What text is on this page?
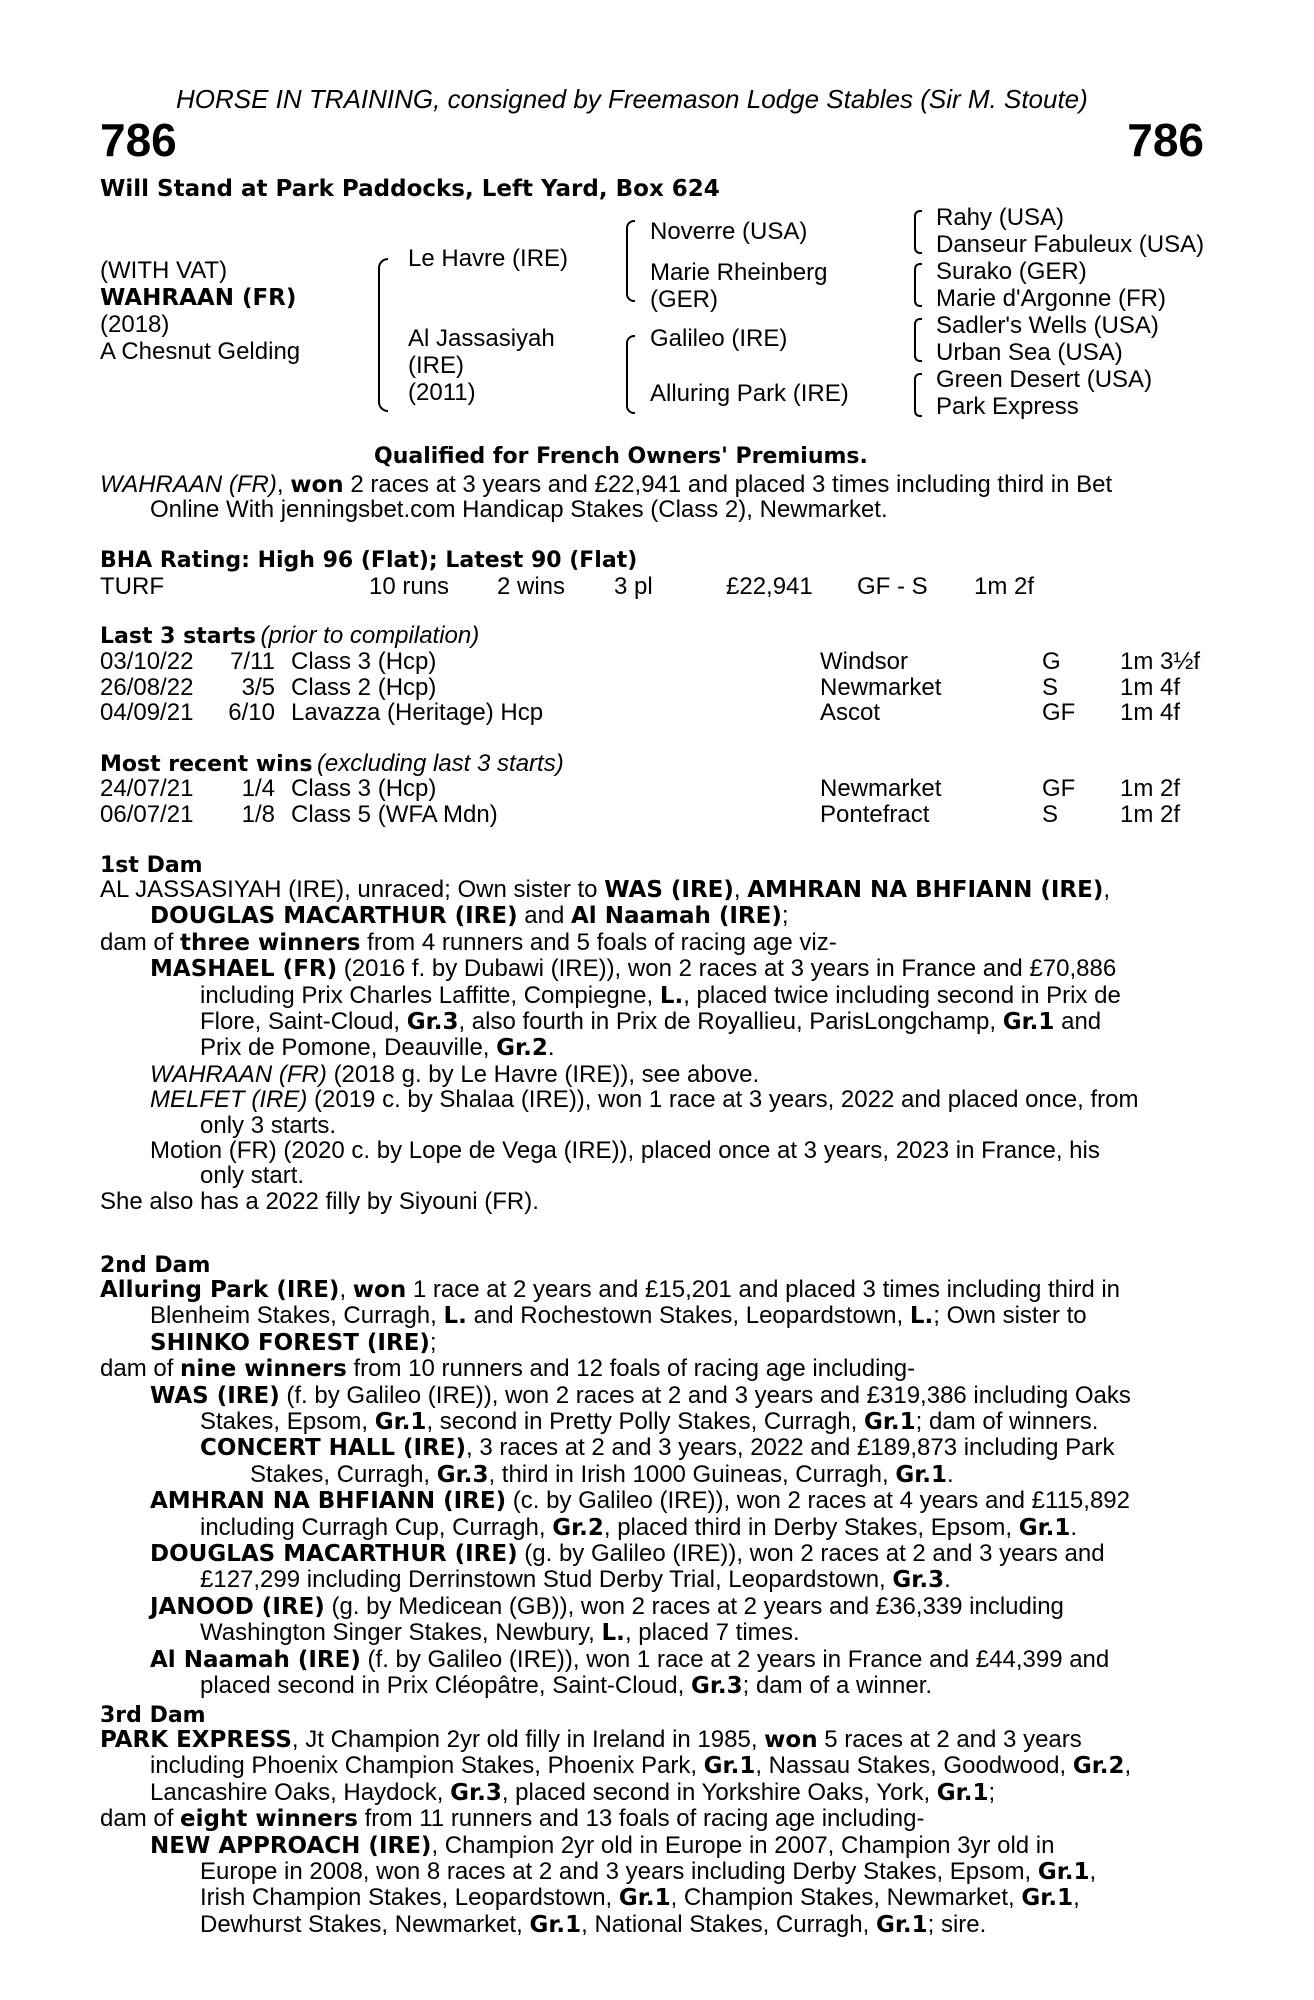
HORSE IN TRAINING, consigned by Freemason Lodge Stables (Sir M. Stoute)
786	786
Will Stand at Park Paddocks, Left Yard, Box 624
(WITH VAT)
WAHRAAN (FR)
(2018)
A Chesnut Gelding
Le Havre (IRE)
Al Jassasiyah
(IRE)
(2011)
Noverre (USA)
Marie Rheinberg
(GER)
Galileo (IRE)
Alluring Park (IRE)
Rahy (USA)
Danseur Fabuleux (USA)
Surako (GER)
Marie d'Argonne (FR)
Sadler's Wells (USA)
Urban Sea (USA)
Green Desert (USA)
Park Express
Qualified for French Owners' Premiums.
WAHRAAN (FR), won 2 races at 3 years and £22,941 and placed 3 times including third in Bet
Online With jenningsbet.com Handicap Stakes (Class 2), Newmarket.
BHA Rating: High 96 (Flat); Latest 90 (Flat)
TURF	10 runs 2 wins 3 pl	£22,941 GF - S 1m 2f
Last 3 starts (prior to compilation)
03/10/22	7/11 Class 3 (Hcp)	Windsor	G 1m 3½f
26/08/22	3/5 Class 2 (Hcp)	Newmarket	S	1m 4f
04/09/21	6/10 Lavazza (Heritage) Hcp	Ascot	GF 1m 4f
Most recent wins (excluding last 3 starts)
24/07/21	1/4 Class 3 (Hcp)	Newmarket	GF 1m 2f
06/07/21	1/8 Class 5 (WFA Mdn)	Pontefract	S	1m 2f
1st Dam
AL JASSASIYAH (IRE), unraced; Own sister to WAS (IRE), AMHRAN NA BHFIANN (IRE),
DOUGLAS MACARTHUR (IRE) and Al Naamah (IRE);
dam of three winners from 4 runners and 5 foals of racing age viz-
MASHAEL (FR) (2016 f. by Dubawi (IRE)), won 2 races at 3 years in France and £70,886
including Prix Charles Laffitte, Compiegne, L., placed twice including second in Prix de
Flore, Saint-Cloud, Gr.3, also fourth in Prix de Royallieu, ParisLongchamp, Gr.1 and
Prix de Pomone, Deauville, Gr.2.
WAHRAAN (FR) (2018 g. by Le Havre (IRE)), see above.
MELFET (IRE) (2019 c. by Shalaa (IRE)), won 1 race at 3 years, 2022 and placed once, from
only 3 starts.
Motion (FR) (2020 c. by Lope de Vega (IRE)), placed once at 3 years, 2023 in France, his
only start.
She also has a 2022 filly by Siyouni (FR).
2nd Dam
Alluring Park (IRE), won 1 race at 2 years and £15,201 and placed 3 times including third in
Blenheim Stakes, Curragh, L. and Rochestown Stakes, Leopardstown, L.; Own sister to
SHINKO FOREST (IRE);
dam of nine winners from 10 runners and 12 foals of racing age including-
WAS (IRE) (f. by Galileo (IRE)), won 2 races at 2 and 3 years and £319,386 including Oaks
Stakes, Epsom, Gr.1, second in Pretty Polly Stakes, Curragh, Gr.1; dam of winners.
CONCERT HALL (IRE), 3 races at 2 and 3 years, 2022 and £189,873 including Park
Stakes, Curragh, Gr.3, third in Irish 1000 Guineas, Curragh, Gr.1.
AMHRAN NA BHFIANN (IRE) (c. by Galileo (IRE)), won 2 races at 4 years and £115,892
including Curragh Cup, Curragh, Gr.2, placed third in Derby Stakes, Epsom, Gr.1.
DOUGLAS MACARTHUR (IRE) (g. by Galileo (IRE)), won 2 races at 2 and 3 years and
£127,299 including Derrinstown Stud Derby Trial, Leopardstown, Gr.3.
JANOOD (IRE) (g. by Medicean (GB)), won 2 races at 2 years and £36,339 including
Washington Singer Stakes, Newbury, L., placed 7 times.
Al Naamah (IRE) (f. by Galileo (IRE)), won 1 race at 2 years in France and £44,399 and
placed second in Prix Cléopâtre, Saint-Cloud, Gr.3; dam of a winner.
3rd Dam
PARK EXPRESS, Jt Champion 2yr old filly in Ireland in 1985, won 5 races at 2 and 3 years
including Phoenix Champion Stakes, Phoenix Park, Gr.1, Nassau Stakes, Goodwood, Gr.2,
Lancashire Oaks, Haydock, Gr.3, placed second in Yorkshire Oaks, York, Gr.1;
dam of eight winners from 11 runners and 13 foals of racing age including-
NEW APPROACH (IRE), Champion 2yr old in Europe in 2007, Champion 3yr old in
Europe in 2008, won 8 races at 2 and 3 years including Derby Stakes, Epsom, Gr.1,
Irish Champion Stakes, Leopardstown, Gr.1, Champion Stakes, Newmarket, Gr.1,
Dewhurst Stakes, Newmarket, Gr.1, National Stakes, Curragh, Gr.1; sire.
